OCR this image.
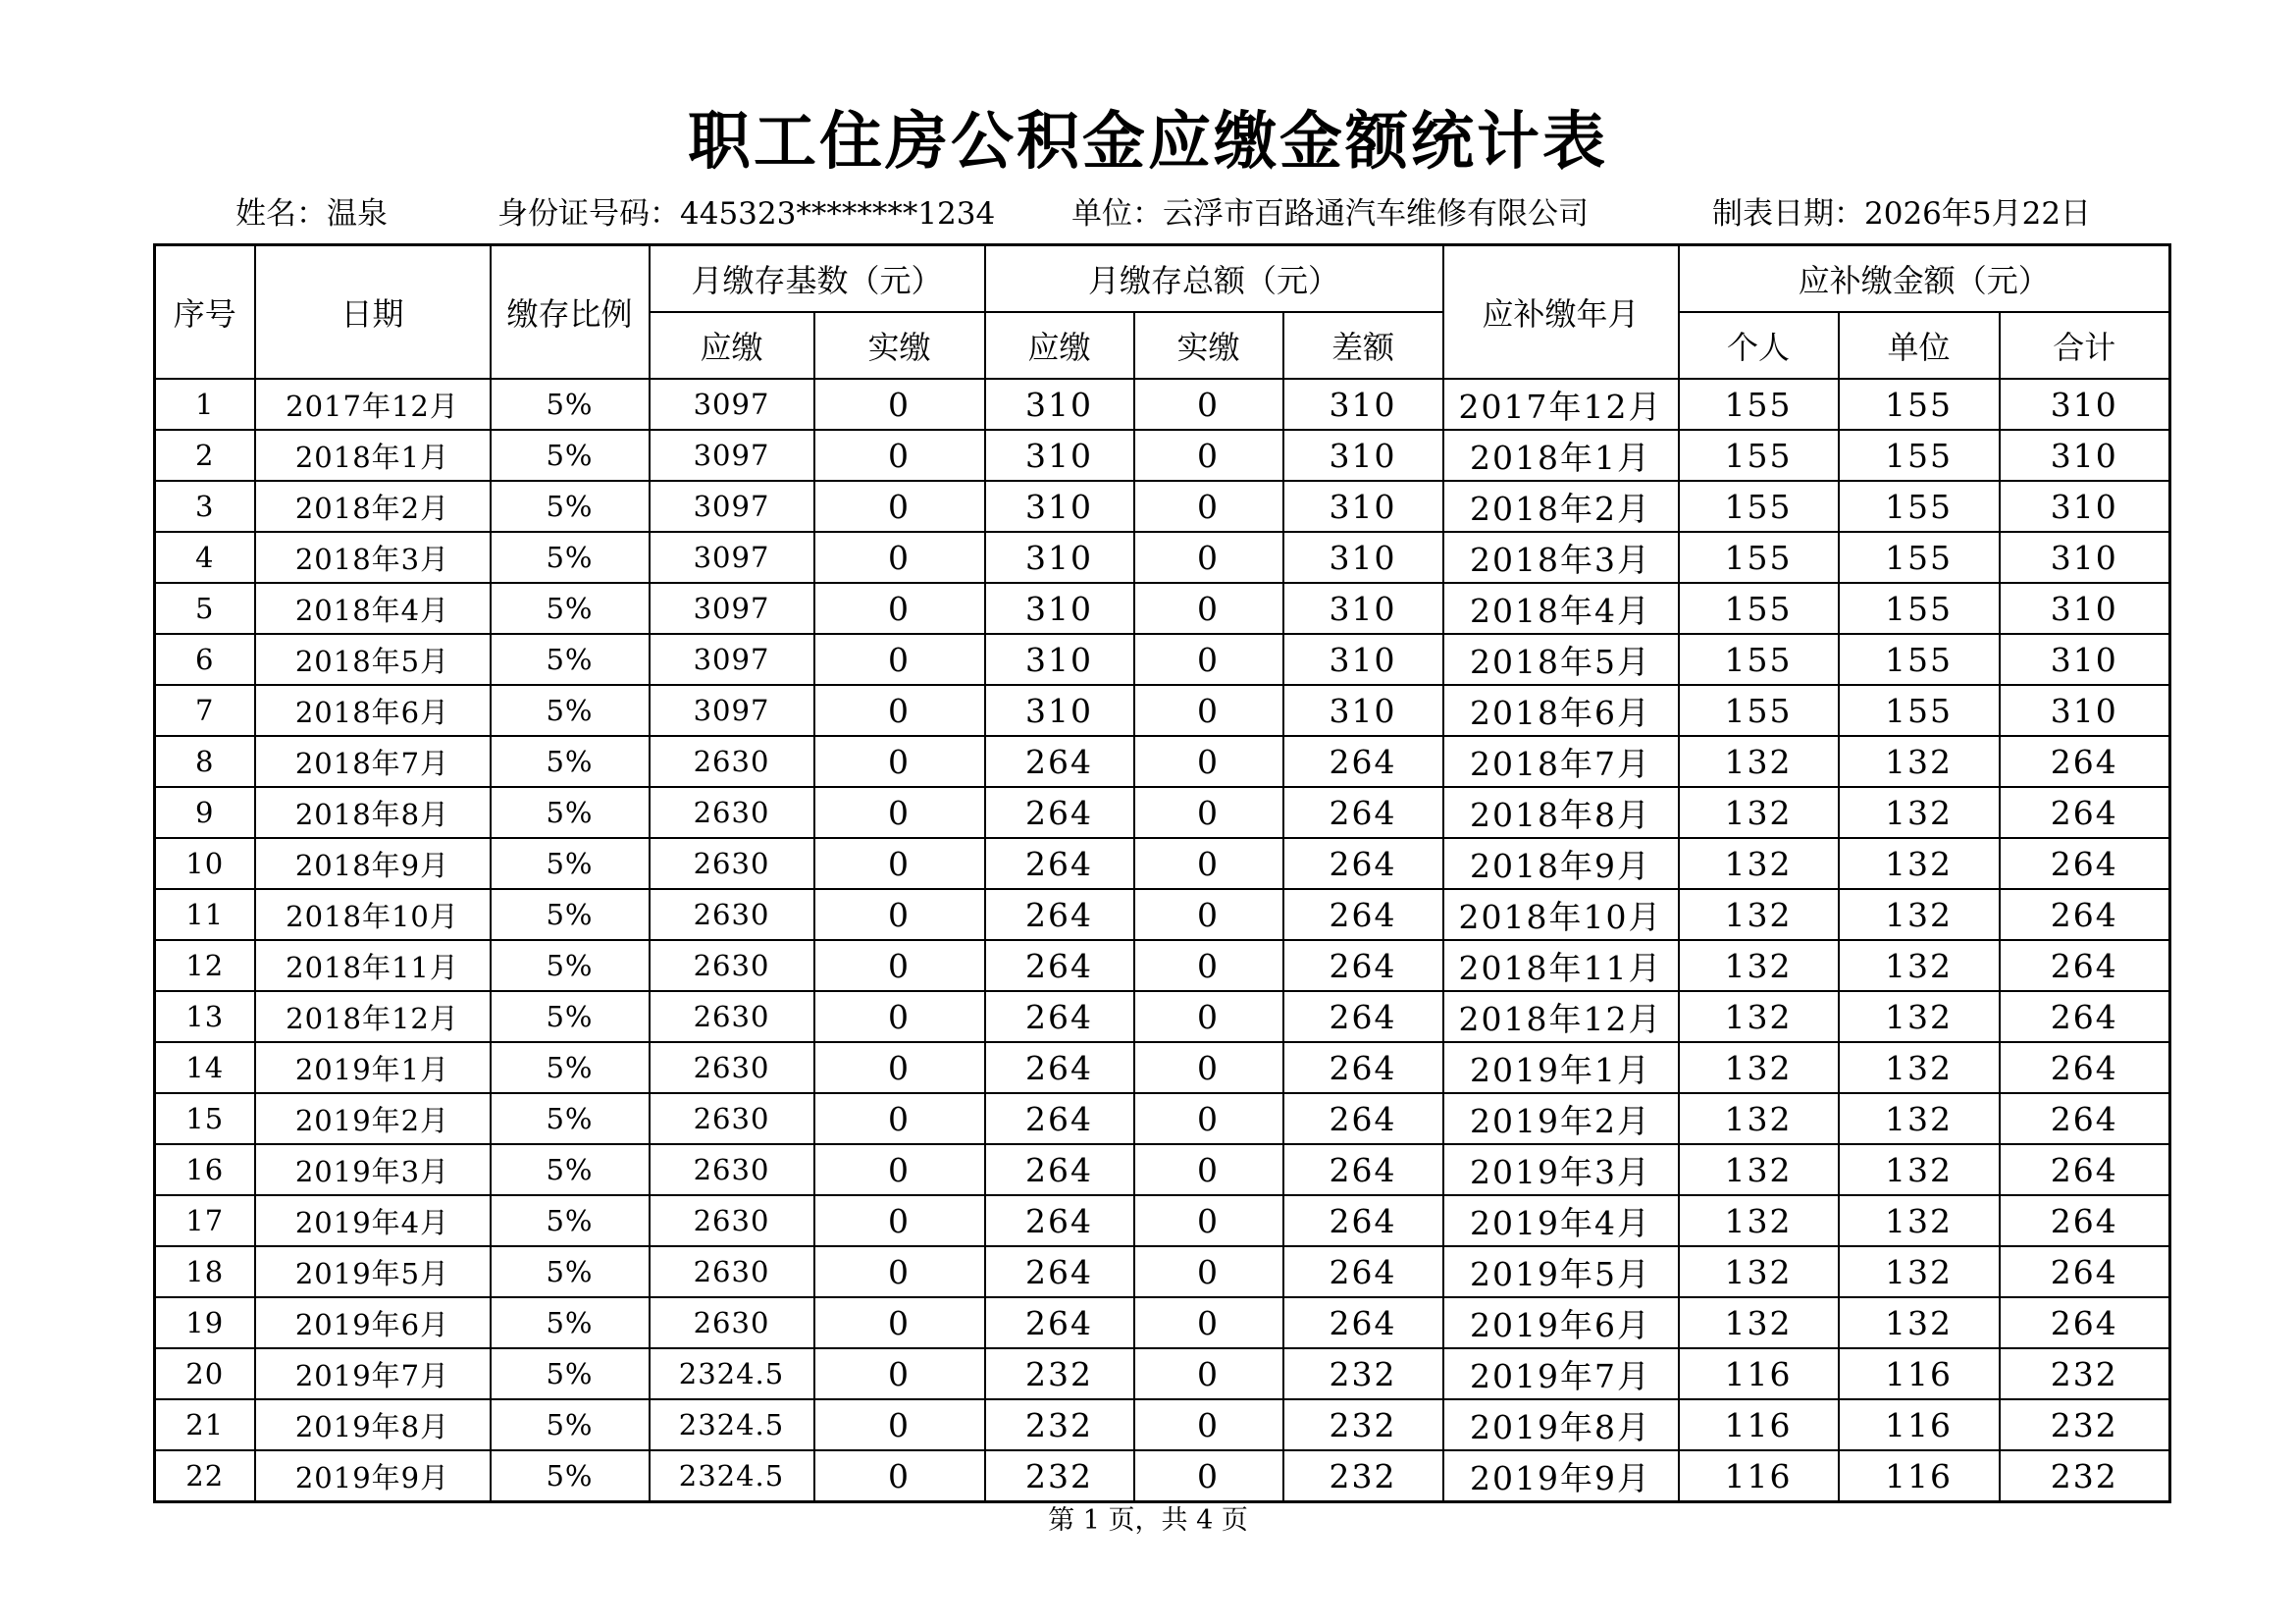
职工住房公积金应缴金额统计表
姓名：温泉	身份证号码：445323********1234	单位：云浮市百路通汽车维修有限公司	制表日期：2026年5月22日
序号	日期	缴存比例	月缴存基数（元）		月缴存总额（元）			应补缴年月	应补缴金额（元）		
			应缴	实缴	应缴	实缴	差额		个人	单位	合计
1	2017年12月	5%	3097	0	310	0	310	2017年12月	155	155	310
2	2018年1月	5%	3097	0	310	0	310	2018年1月	155	155	310
3	2018年2月	5%	3097	0	310	0	310	2018年2月	155	155	310
4	2018年3月	5%	3097	0	310	0	310	2018年3月	155	155	310
5	2018年4月	5%	3097	0	310	0	310	2018年4月	155	155	310
6	2018年5月	5%	3097	0	310	0	310	2018年5月	155	155	310
7	2018年6月	5%	3097	0	310	0	310	2018年6月	155	155	310
8	2018年7月	5%	2630	0	264	0	264	2018年7月	132	132	264
9	2018年8月	5%	2630	0	264	0	264	2018年8月	132	132	264
10	2018年9月	5%	2630	0	264	0	264	2018年9月	132	132	264
11	2018年10月	5%	2630	0	264	0	264	2018年10月	132	132	264
12	2018年11月	5%	2630	0	264	0	264	2018年11月	132	132	264
13	2018年12月	5%	2630	0	264	0	264	2018年12月	132	132	264
14	2019年1月	5%	2630	0	264	0	264	2019年1月	132	132	264
15	2019年2月	5%	2630	0	264	0	264	2019年2月	132	132	264
16	2019年3月	5%	2630	0	264	0	264	2019年3月	132	132	264
17	2019年4月	5%	2630	0	264	0	264	2019年4月	132	132	264
18	2019年5月	5%	2630	0	264	0	264	2019年5月	132	132	264
19	2019年6月	5%	2630	0	264	0	264	2019年6月	132	132	264
20	2019年7月	5%	2324.5	0	232	0	232	2019年7月	116	116	232
21	2019年8月	5%	2324.5	0	232	0	232	2019年8月	116	116	232
22	2019年9月	5%	2324.5	0	232	0	232	2019年9月	116	116	232
第 1 页，共 4 页
